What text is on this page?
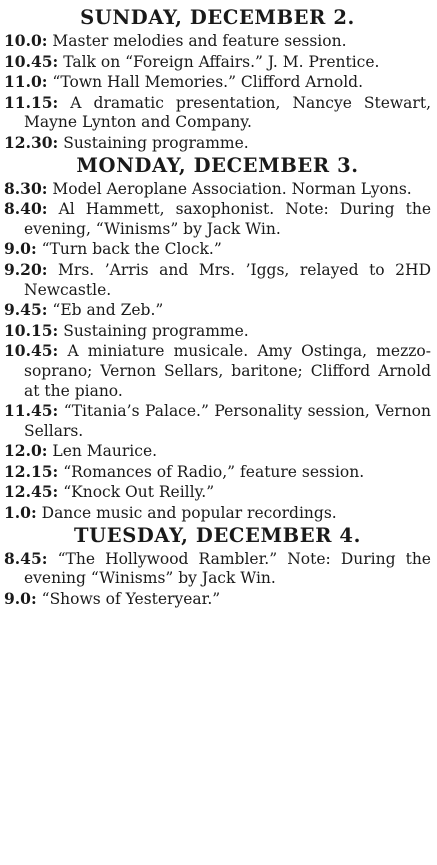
SUNDAY, DECEMBER 2.

10.0: Master melodies and feature session.

10.45: Talk on “Foreign Affairs.” J. M. Prentice.

11.0: “Town Hall Memories.” Clifford Arnold.

11.15: A dramatic presentation, Nancye Stewart, Mayne Lynton and Company.

12.30: Sustaining programme.

MONDAY, DECEMBER 3.

8.30: Model Aeroplane Association. Norman Lyons.

8.40: Al Hammett, saxophonist. Note: During the evening, “Winisms” by Jack Win.

9.0: “Turn back the Clock.”

9.20: Mrs. ’Arris and Mrs. ’Iggs, relayed to 2HD Newcastle.

9.45: “Eb and Zeb.”

10.15: Sustaining programme.

10.45: A miniature musicale. Amy Ostinga, mezzo-soprano; Vernon Sellars, baritone; Clifford Arnold at the piano.

11.45: “Titania’s Palace.” Personality session, Vernon Sellars.

12.0: Len Maurice.

12.15: “Romances of Radio,” feature session.

12.45: “Knock Out Reilly.”

1.0: Dance music and popular recordings.

TUESDAY, DECEMBER 4.

8.45: “The Hollywood Rambler.” Note: During the evening “Winisms” by Jack Win.

9.0: “Shows of Yesteryear.”
